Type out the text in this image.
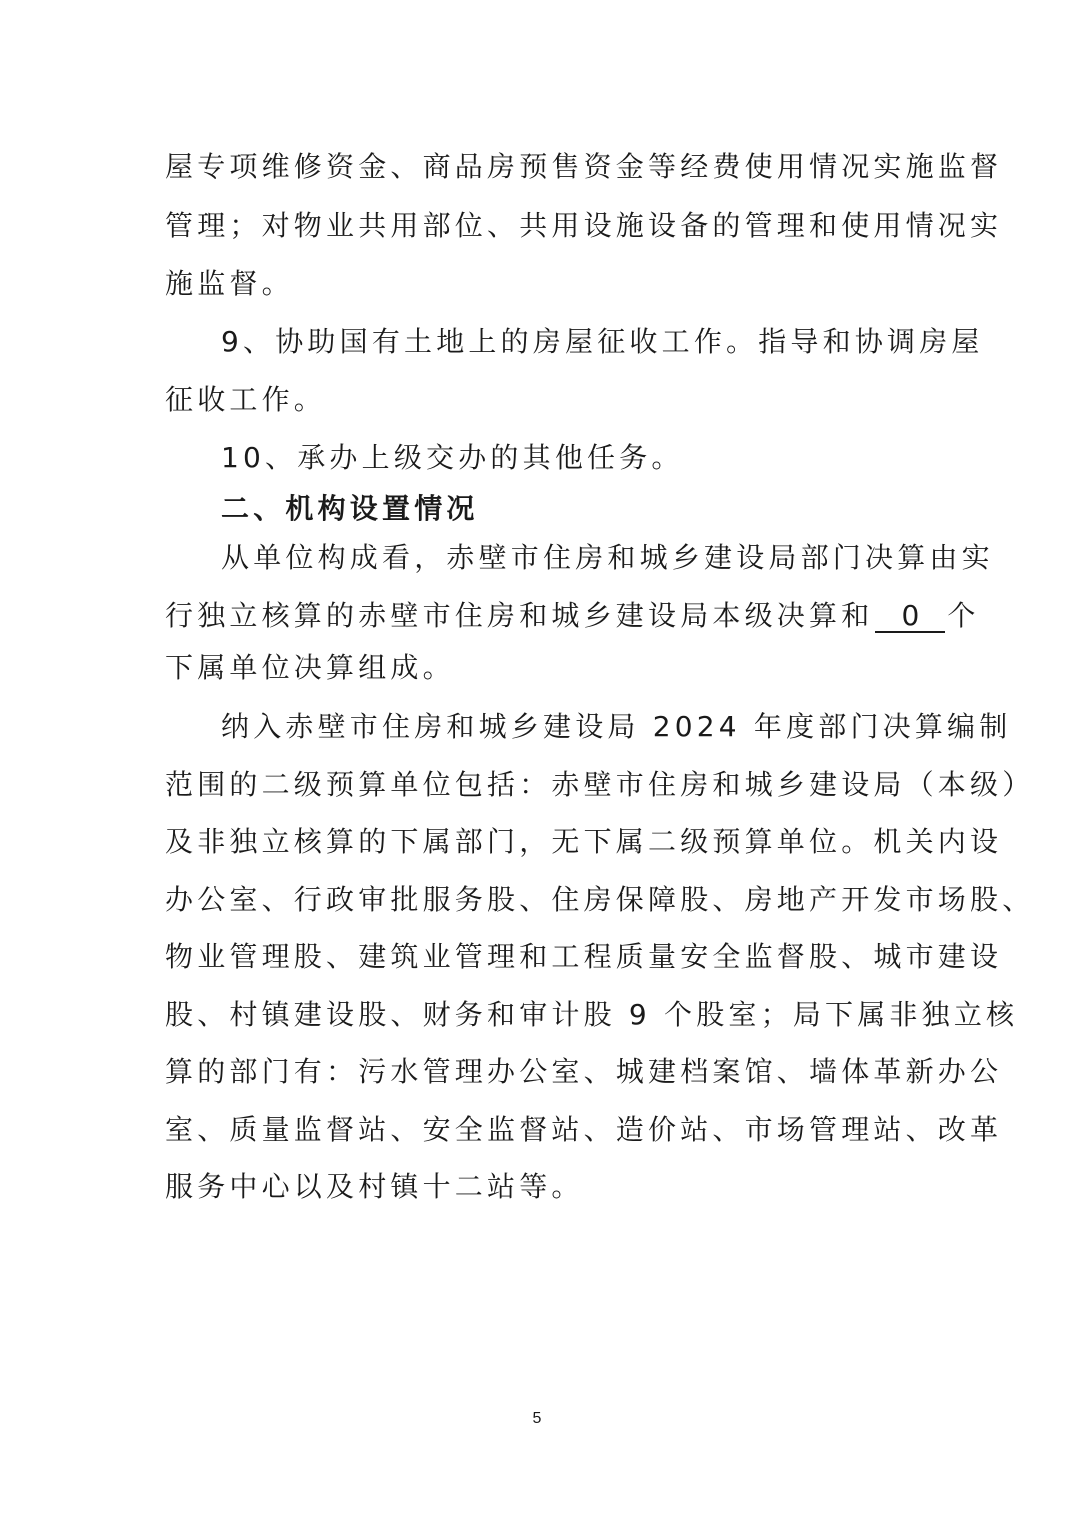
屋专项维修资金、商品房预售资金等经费使用情况实施监督
管理；对物业共用部位、共用设施设备的管理和使用情况实
施监督。
9、协助国有土地上的房屋征收工作。指导和协调房屋
征收工作。
10、承办上级交办的其他任务。
二、机构设置情况
从单位构成看，赤壁市住房和城乡建设局部门决算由实
行独立核算的赤壁市住房和城乡建设局本级决算和 0 个
下属单位决算组成。
纳入赤壁市住房和城乡建设局 2024 年度部门决算编制
范围的二级预算单位包括：赤壁市住房和城乡建设局（本级）
及非独立核算的下属部门，无下属二级预算单位。机关内设
办公室、行政审批服务股、住房保障股、房地产开发市场股、
物业管理股、建筑业管理和工程质量安全监督股、城市建设
股、村镇建设股、财务和审计股 9 个股室；局下属非独立核
算的部门有：污水管理办公室、城建档案馆、墙体革新办公
室、质量监督站、安全监督站、造价站、市场管理站、改革
服务中心以及村镇十二站等。
5
